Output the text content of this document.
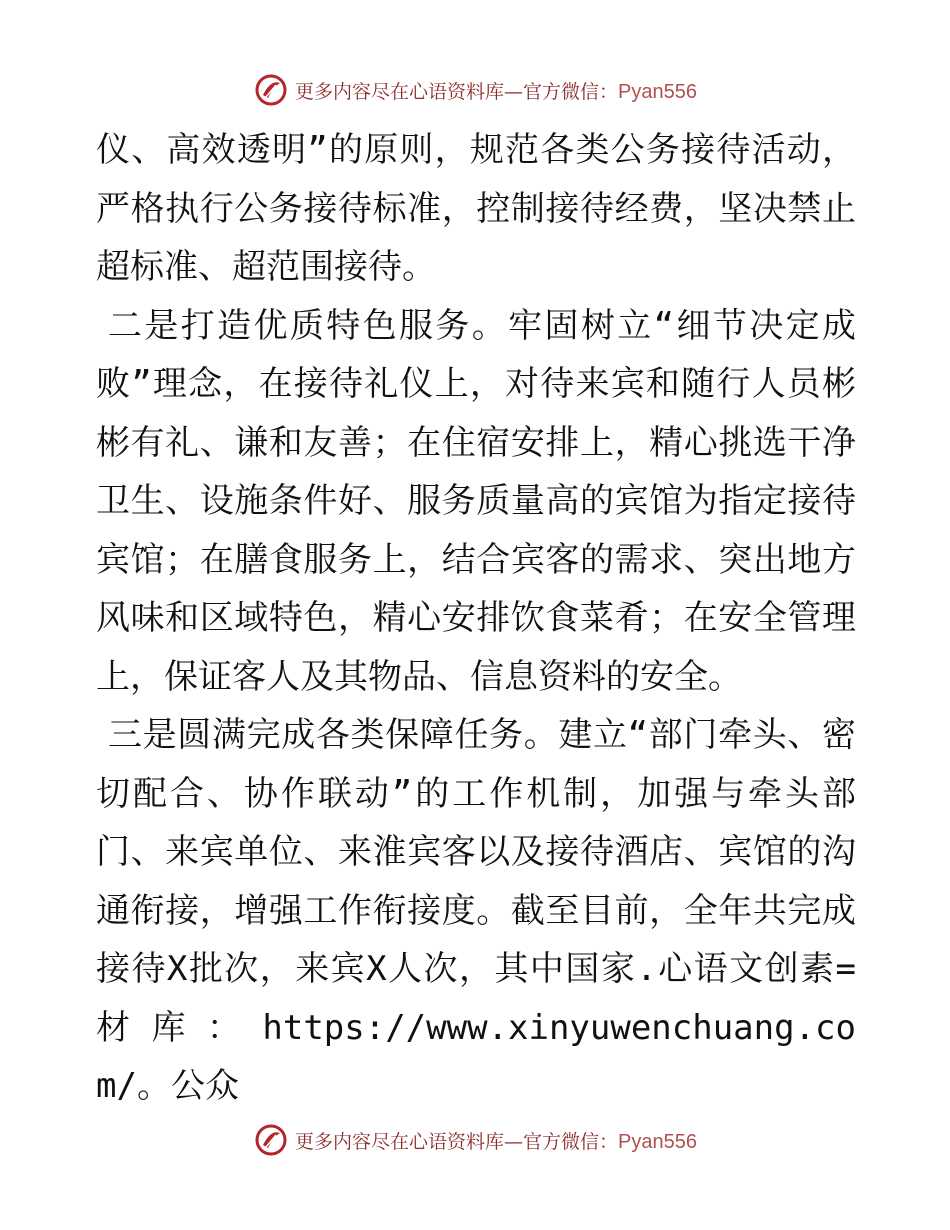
更多内容尽在心语资料库—官方微信：Pyan556

仪、高效透明”的原则，规范各类公务接待活动，严格执行公务接待标准，控制接待经费，坚决禁止超标准、超范围接待。

二是打造优质特色服务。牢固树立“细节决定成败”理念，在接待礼仪上，对待来宾和随行人员彬彬有礼、谦和友善；在住宿安排上，精心挑选干净卫生、设施条件好、服务质量高的宾馆为指定接待宾馆；在膳食服务上，结合宾客的需求、突出地方风味和区域特色，精心安排饮食菜肴；在安全管理上，保证客人及其物品、信息资料的安全。

三是圆满完成各类保障任务。建立“部门牵头、密切配合、协作联动”的工作机制，加强与牵头部门、来宾单位、来淮宾客以及接待酒店、宾馆的沟通衔接，增强工作衔接度。截至目前，全年共完成接待X批次，来宾X人次，其中国家.心语文创素=材库：https://www.xinyuwenchuang.com/。公众

更多内容尽在心语资料库—官方微信：Pyan556
